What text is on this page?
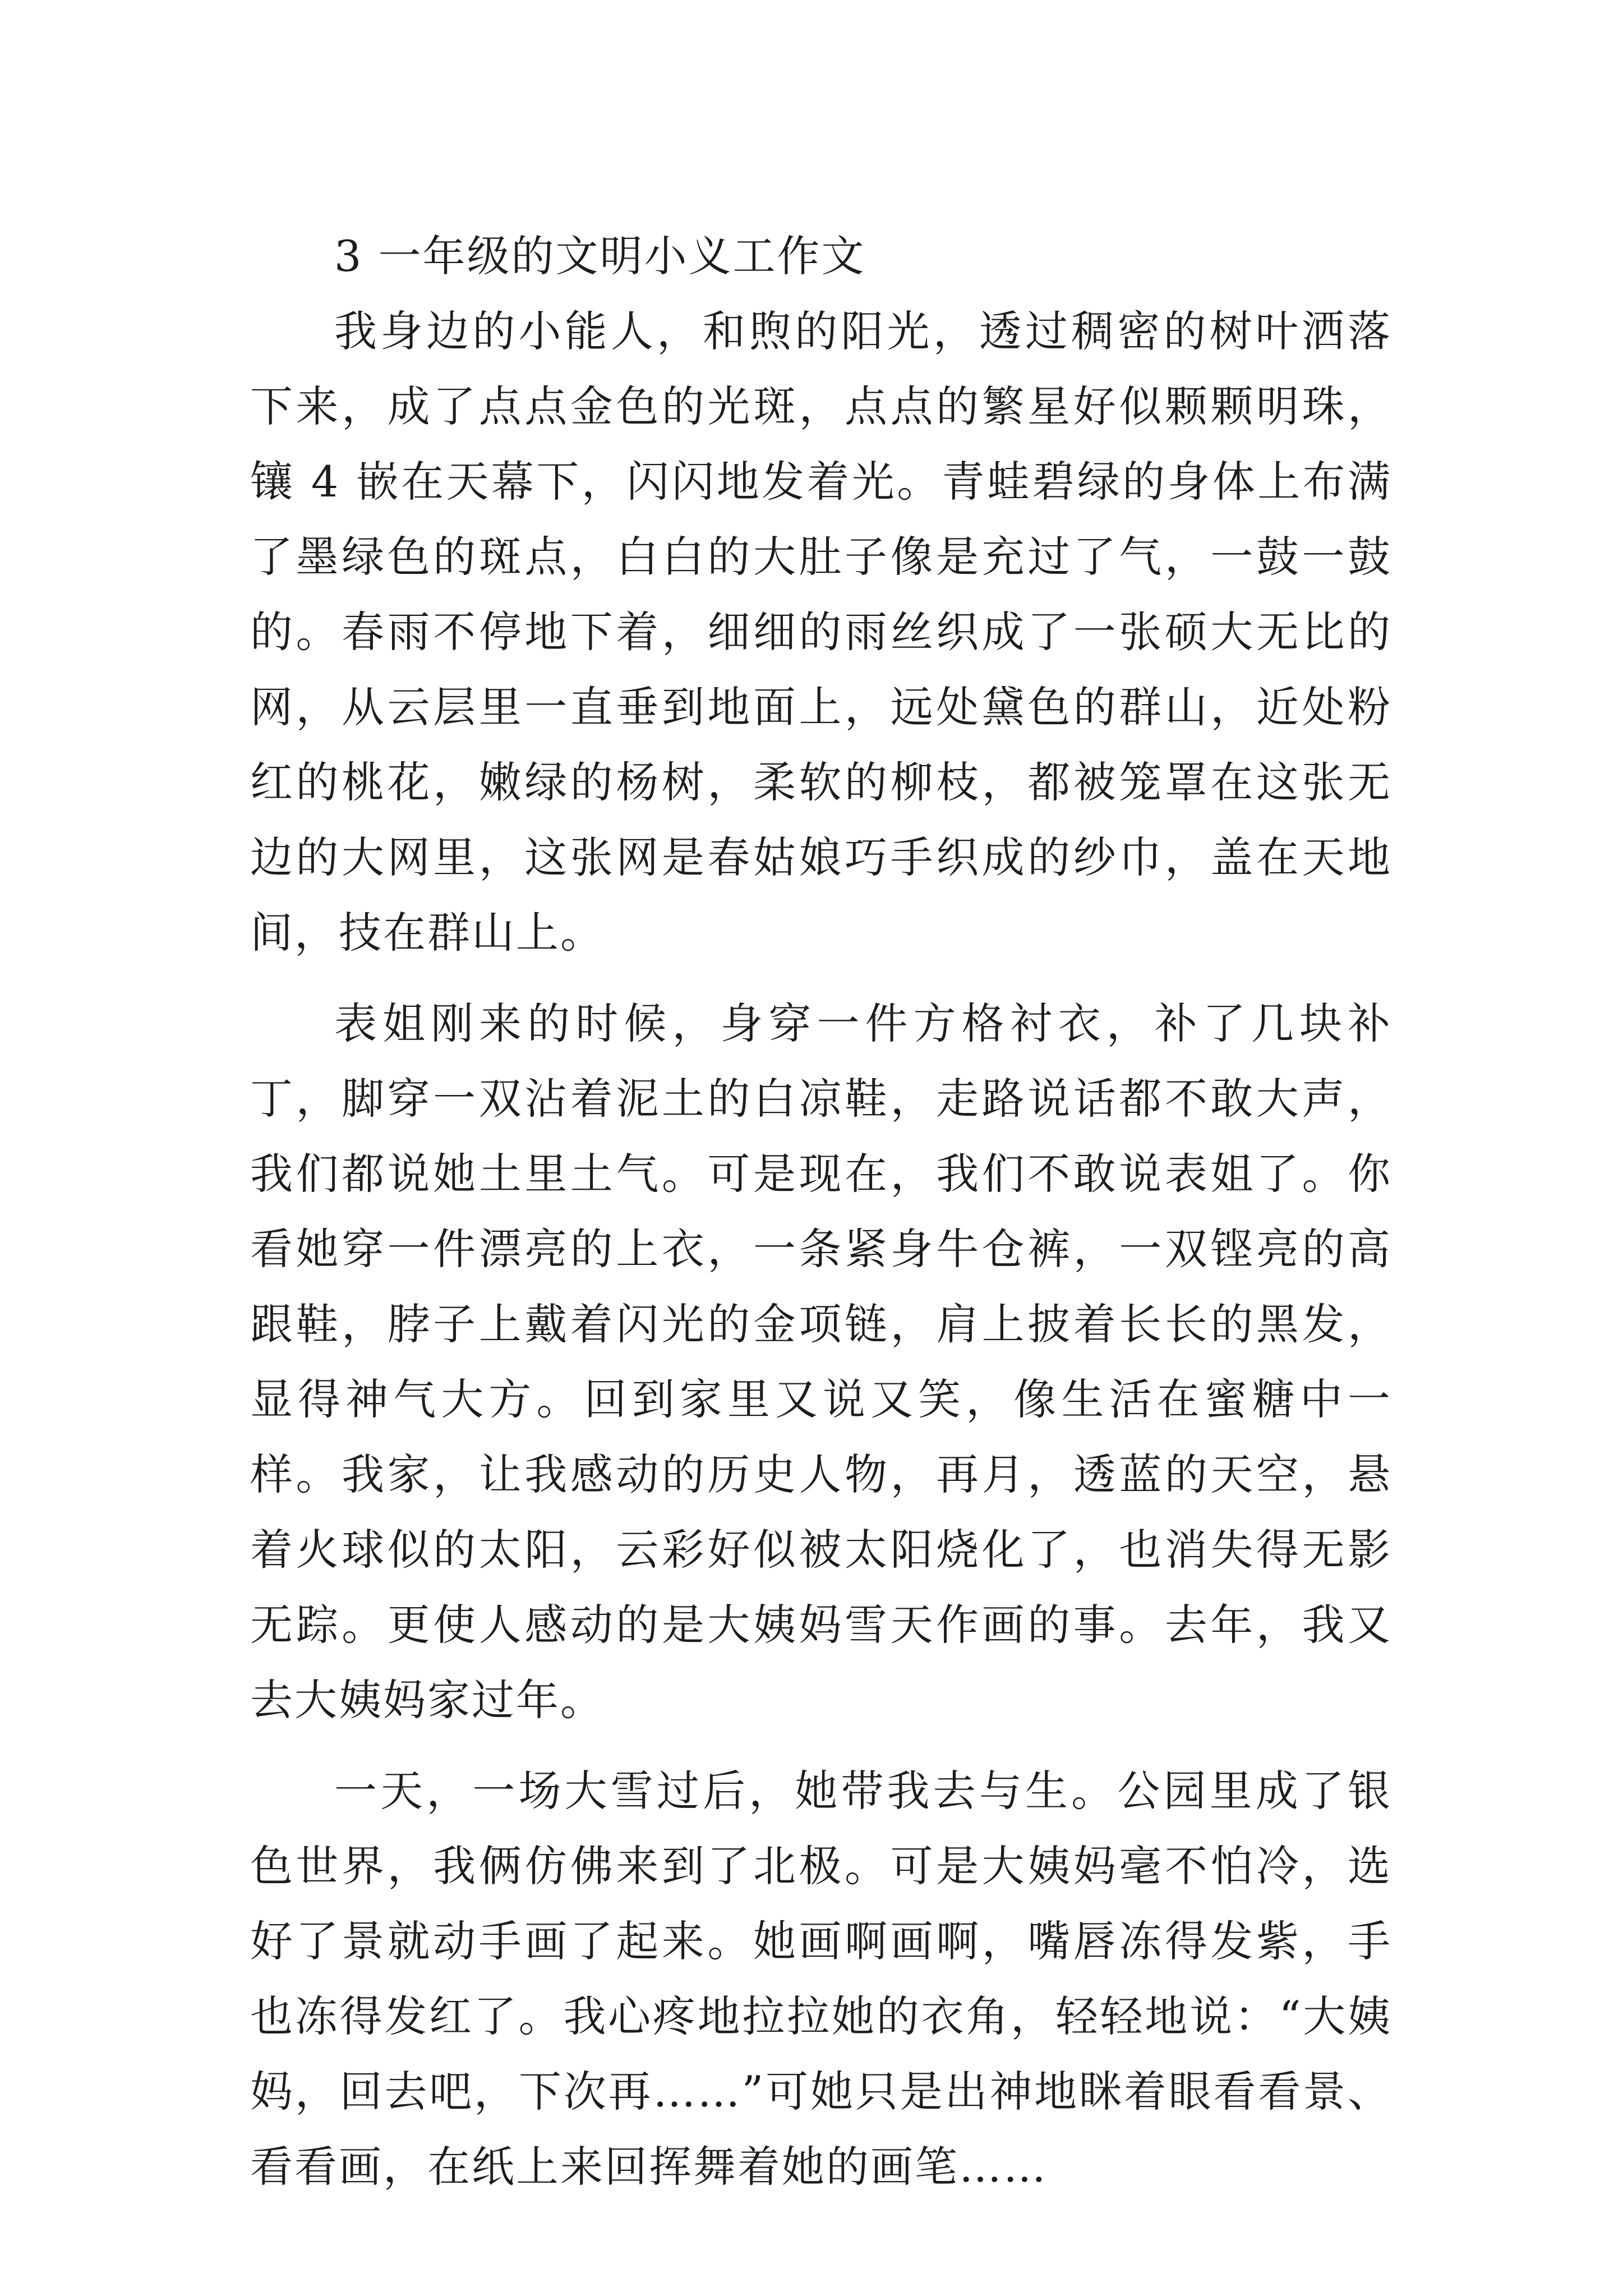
3 一年级的文明小义工作文

我身边的小能人，和煦的阳光，透过稠密的树叶洒落下来，成了点点金色的光斑，点点的繁星好似颗颗明珠，镶 4 嵌在天幕下，闪闪地发着光。青蛙碧绿的身体上布满了墨绿色的斑点，白白的大肚子像是充过了气，一鼓一鼓的。春雨不停地下着，细细的雨丝织成了一张硕大无比的网，从云层里一直垂到地面上，远处黛色的群山，近处粉红的桃花，嫩绿的杨树，柔软的柳枝，都被笼罩在这张无边的大网里，这张网是春姑娘巧手织成的纱巾，盖在天地间，技在群山上。

表姐刚来的时候，身穿一件方格衬衣，补了几块补丁，脚穿一双沾着泥土的白凉鞋，走路说话都不敢大声，我们都说她土里土气。可是现在，我们不敢说表姐了。你看她穿一件漂亮的上衣，一条紧身牛仓裤，一双铿亮的高跟鞋，脖子上戴着闪光的金项链，肩上披着长长的黑发，显得神气大方。回到家里又说又笑，像生活在蜜糖中一样。我家，让我感动的历史人物，再月，透蓝的天空，悬着火球似的太阳，云彩好似被太阳烧化了，也消失得无影无踪。更使人感动的是大姨妈雪天作画的事。去年，我又去大姨妈家过年。

一天，一场大雪过后，她带我去与生。公园里成了银色世界，我俩仿佛来到了北极。可是大姨妈毫不怕冷，选好了景就动手画了起来。她画啊画啊，嘴唇冻得发紫，手也冻得发红了。我心疼地拉拉她的衣角，轻轻地说：“大姨妈，回去吧，下次再……”可她只是出神地眯着眼看看景、看看画，在纸上来回挥舞着她的画笔……
